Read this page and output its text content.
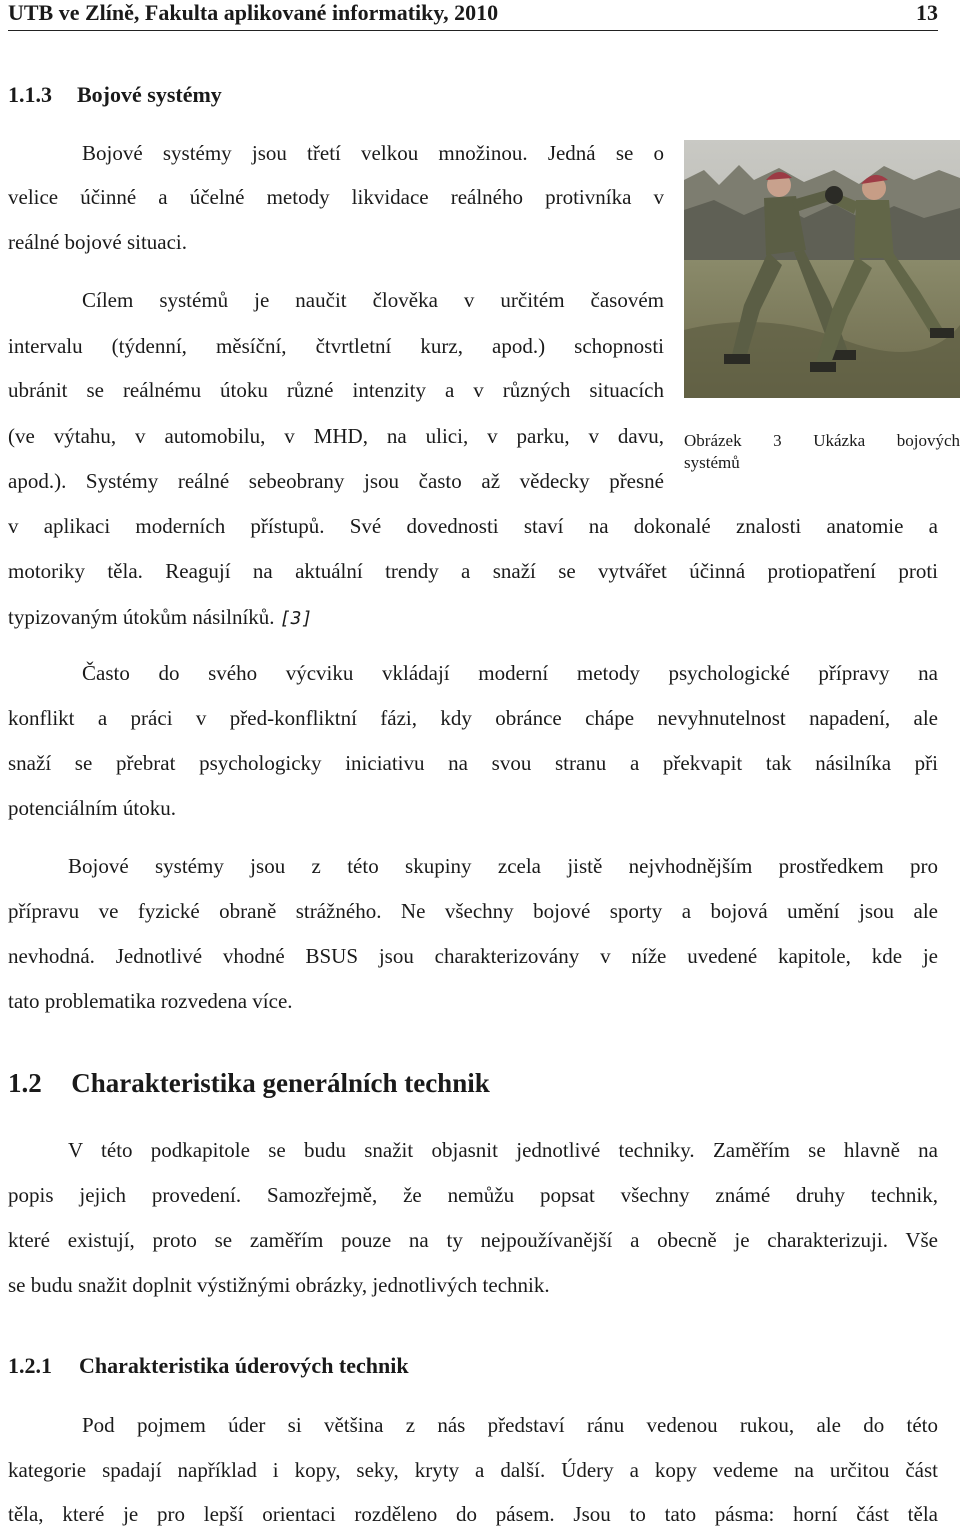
UTB ve Zlíně, Fakulta aplikované informatiky, 2010	13
1.1.3 Bojové systémy
Bojové systémy jsou třetí velkou množinou. Jedná se o
velice účinné a účelné metody likvidace reálného protivníka v
reálné bojové situaci.
Cílem systémů je naučit člověka v určitém časovém
intervalu (týdenní, měsíční, čtvrtletní kurz, apod.) schopnosti
ubránit se reálnému útoku různé intenzity a v různých situacích
(ve výtahu, v automobilu, v MHD, na ulici, v parku, v davu,
apod.). Systémy reálné sebeobrany jsou často až vědecky přesné
v aplikaci moderních přístupů. Své dovednosti staví na dokonalé znalosti anatomie a
motoriky těla. Reagují na aktuální trendy a snaží se vytvářet účinná protiopatření proti
typizovaným útokům násilníků. [3]
Obrázek 3 Ukázka bojových
systémů
Často do svého výcviku vkládají moderní metody psychologické přípravy na
konflikt a práci v před-konfliktní fázi, kdy obránce chápe nevyhnutelnost napadení, ale
snaží se přebrat psychologicky iniciativu na svou stranu a překvapit tak násilníka při
potenciálním útoku.
Bojové systémy jsou z této skupiny zcela jistě nejvhodnějším prostředkem pro
přípravu ve fyzické obraně strážného. Ne všechny bojové sporty a bojová umění jsou ale
nevhodná. Jednotlivé vhodné BSUS jsou charakterizovány v níže uvedené kapitole, kde je
tato problematika rozvedena více.
1.2 Charakteristika generálních technik
V této podkapitole se budu snažit objasnit jednotlivé techniky. Zaměřím se hlavně na
popis jejich provedení. Samozřejmě, že nemůžu popsat všechny známé druhy technik,
které existují, proto se zaměřím pouze na ty nejpoužívanější a obecně je charakterizuji. Vše
se budu snažit doplnit výstižnými obrázky, jednotlivých technik.
1.2.1 Charakteristika úderových technik
Pod pojmem úder si většina z nás představí ránu vedenou rukou, ale do této
kategorie spadají například i kopy, seky, kryty a další. Údery a kopy vedeme na určitou část
těla, které je pro lepší orientaci rozděleno do pásem. Jsou to tato pásma: horní část těla
